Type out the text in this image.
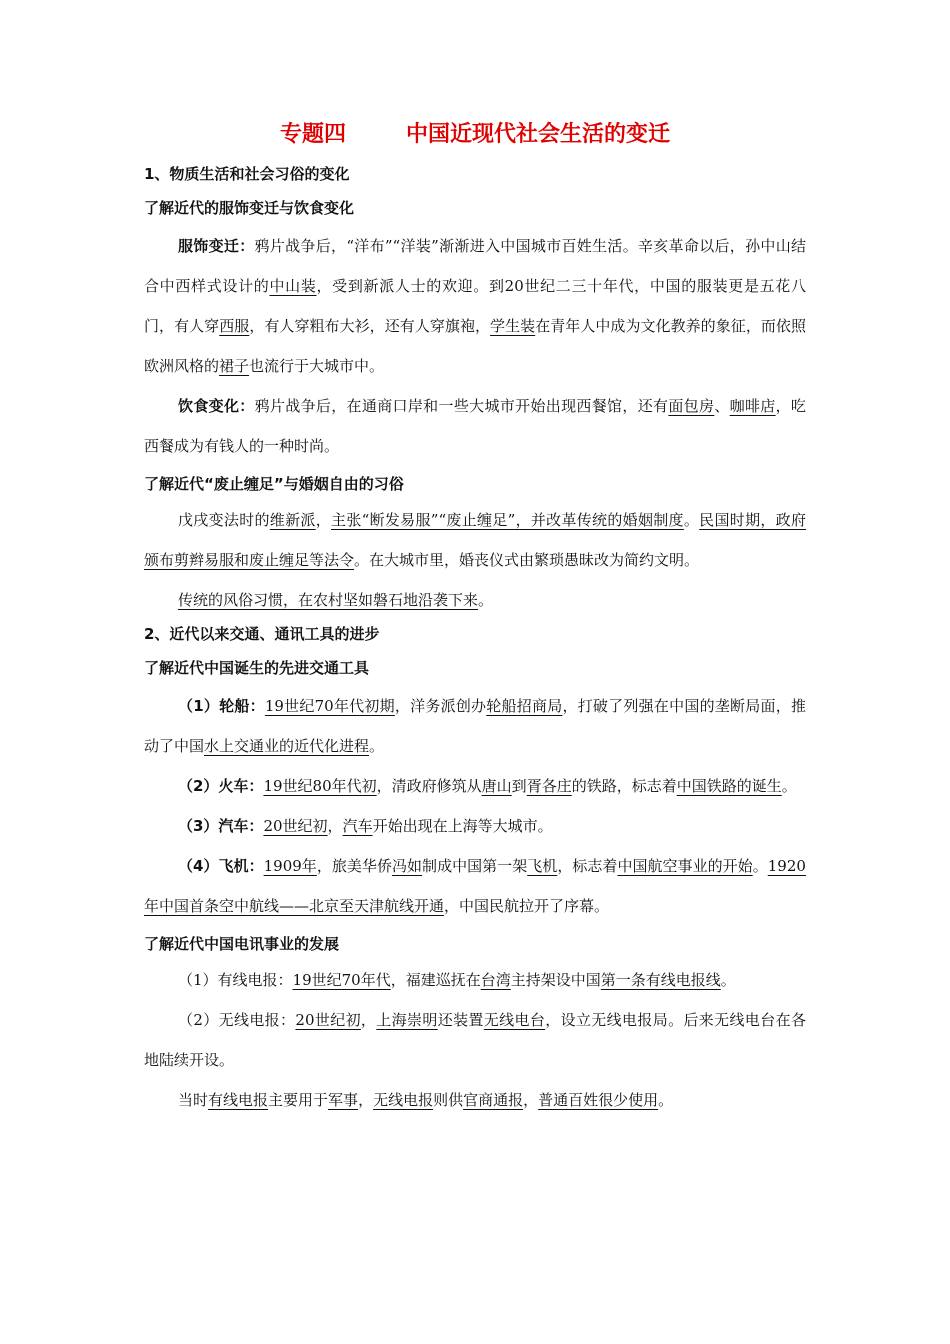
专题四	中国近现代社会生活的变迁

1、物质生活和社会习俗的变化

了解近代的服饰变迁与饮食变化

服饰变迁：鸦片战争后，“洋布”“洋装”渐渐进入中国城市百姓生活。辛亥革命以后，孙中山结合中西样式设计的中山装，受到新派人士的欢迎。到20世纪二三十年代，中国的服装更是五花八门，有人穿西服，有人穿粗布大衫，还有人穿旗袍，学生装在青年人中成为文化教养的象征，而依照欧洲风格的裙子也流行于大城市中。

饮食变化：鸦片战争后，在通商口岸和一些大城市开始出现西餐馆，还有面包房、咖啡店，吃西餐成为有钱人的一种时尚。

了解近代“废止缠足”与婚姻自由的习俗

戊戌变法时的维新派，主张“断发易服”“废止缠足”，并改革传统的婚姻制度。民国时期，政府颁布剪辫易服和废止缠足等法令。在大城市里，婚丧仪式由繁琐愚昧改为简约文明。

传统的风俗习惯，在农村坚如磐石地沿袭下来。

2、近代以来交通、通讯工具的进步

了解近代中国诞生的先进交通工具

（1）轮船：19世纪70年代初期，洋务派创办轮船招商局，打破了列强在中国的垄断局面，推动了中国水上交通业的近代化进程。

（2）火车：19世纪80年代初，清政府修筑从唐山到胥各庄的铁路，标志着中国铁路的诞生。

（3）汽车：20世纪初，汽车开始出现在上海等大城市。

（4）飞机：1909年，旅美华侨冯如制成中国第一架飞机，标志着中国航空事业的开始。1920年中国首条空中航线——北京至天津航线开通，中国民航拉开了序幕。

了解近代中国电讯事业的发展

（1）有线电报：19世纪70年代，福建巡抚在台湾主持架设中国第一条有线电报线。

（2）无线电报：20世纪初，上海崇明还装置无线电台，设立无线电报局。后来无线电台在各地陆续开设。

当时有线电报主要用于军事，无线电报则供官商通报，普通百姓很少使用。
